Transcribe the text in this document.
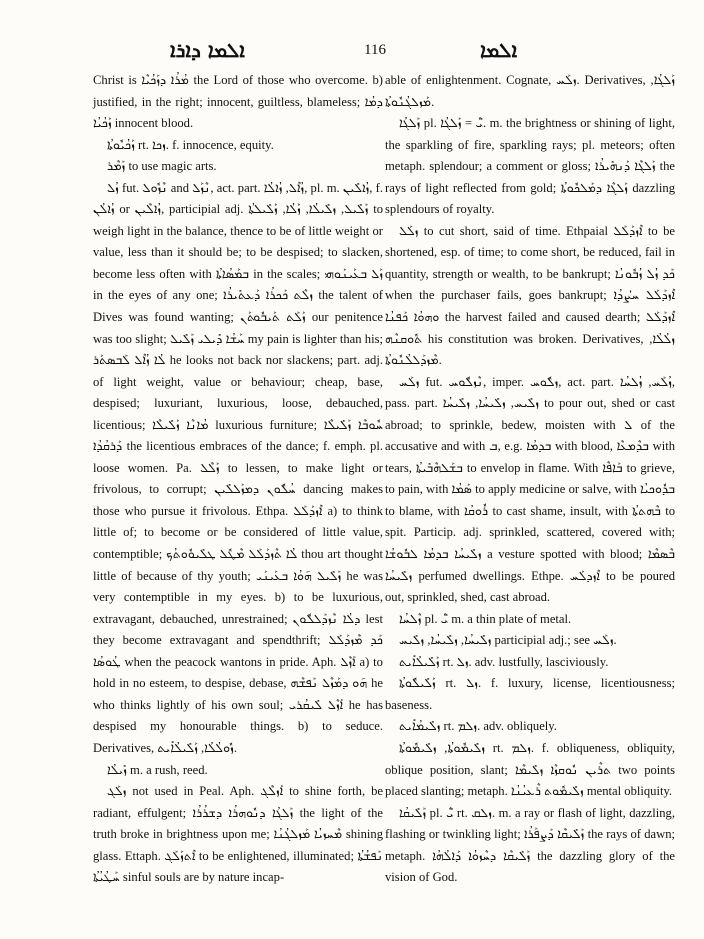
ܐܠܡܐ ܕܐܪܐ	116	ܐܠܡܐ

Christ is ܡܳܪܳܐ ܕܙܰܟܳܝܶܐ the Lord of those who overcome. b) justified, in the right; innocent, guiltless, blameless; ܕܡܳܐ ܙܰܟܳܝܳܐ innocent blood.

ܙܰܟܳܝܽܘܬܳܐ rt. ܙܟܐ. f. innocence, equity.

ܙܰܡܶܪ to use magic arts.

ܙܳܠ fut. ܢܶܙܽܘܠ and ܢܶܙܰܠ, act. part. ܙܳܐܶܠ, ܙܳܐܠܳܐ, pl. m. ܙܳܐܠܺܝܢ, f. ܙܳܐܠܳܢ or ܙܳܐܠܶܝܢ, participial adj. ܙܰܠܺܝܠ, ܙܠܺܝܠܳܐ, ܙܰܠܳܐ, ܙܰܠܺܝܠܬܳܐ to weigh light in the balance, thence to be of little weight or value, less than it should be; to be despised; to slacken, become less often with ܒܡܰܣܳܐܬܳܐ in the scales; ܙܰܠ ܒܥܰܝܢܰܘܗܝ in the eyes of any one; ܙܠܶܬ ܟܰܟܪܳܐ ܕܰܥܬܺܝܪܳܐ the talent of Dives was found wanting; ܙܰܠܰܬ ܬܰܝܒܽܘܬܰܢ our penitence was too slight; ܚܰܫܳܐ ܕܺܝܠܝ ܙܰܠܺܝܠ my pain is lighter than his; ܠܳܐ ܙܳܐܶܠ ܠܰܒܣܬܰܪ he looks not back nor slackens; part. adj. of light weight, value or behaviour; cheap, base, despised; luxuriant, luxurious, loose, debauched, licentious; ܡܳܐܢܶܐ ܙܰܠܺܝܠܶܐ luxurious furniture; ܚܽܘܒܶܐ ܙܰܠܺܝܠܶܐ ܕܰܪܩܳܕܳܐ the licentious embraces of the dance; f. emph. pl. loose women. Pa. ܙܰܠܶܠ to lessen, to make light or frivolous, to corrupt; ܚܳܠܽܘܢ ܕܡܙܰܠܠܺܝܢ dancing makes those who pursue it frivolous. Ethpa. ܐܶܙܕܰܠܰܠ a) to think little of; to become or be considered of little value, contemptible; ܠܳܐ ܬܶܙܕܰܠܰܠ ܡܶܛܽܠ ܛܠܺܝܘܽܘܬܳܟ thou art thought little of because of thy youth; ܙܰܠܺܝܠ ܗ݇ܘܳܐ ܒܥܰܝܢܰܝ he was very contemptible in my eyes. b) to be luxurious, extravagant, debauched, unrestrained; ܕܠܳܐ ܢܶܙܕܰܠܠܽܘܢ lest they become extravagant and spendthrift; ܟܰܕ ܡܶܙܕܰܠܰܠ ܛܳܘܣܳܐ when the peacock wantons in pride. Aph. ܐܰܙܶܠ a) to hold in no esteem, to despise, debase, ܗ݇ܘ ܕܡܰܙܶܠ ܢܰܦܫܶܗ he who thinks lightly of his own soul; ܐܰܙܶܠ ܠܺܝܩܳܪܝ he has despised my honourable things. b) to seduce. Derivatives, ܙܽܘܠܳܠܳܐ, ܙܰܠܺܝܠܳܐܺܝܬ.

ܙܺܝܠܳܐ m. a rush, reed.

ܙܠܰܓ not used in Peal. Aph. ܐܰܙܠܶܓ to shine forth, be radiant, effulgent; ܙܰܠܓܳܐ ܕܢܽܘܗܪܳܐ ܕܫܪܳܪܳܐ the light of the truth broke in brightness upon me; ܡܶܚܙܝܳܐ ܡܰܙܠܓܳܢܳܐ shining glass. Ettaph. ܐܶܬܙܰܠܰܓ to be enlightened, illuminated; ܢܰܦܫܳܬܳܐ ܚܰܛܳܝܳܬܳܐ sinful souls are by nature incap-

able of enlightenment. Cognate, ܙܠܰܚ. Derivatives, ܙܰܠܓܳܐ, ܡܰܙܠܓܳܢܽܘܬܳܐ.

ܙܰܠܓܳܐ pl. ܝ̈ܶ = ܙܰܠܓܳܐ. m. the brightness or shining of light, the sparkling of fire, sparkling rays; pl. meteors; often metaph. splendour; a comment or gloss; ܙܰܠܓܶܐ ܕܰܢܗܺܝܪܳܐ the rays of light reflected from gold; ܙܰܠܓܶܐ ܕܡܰܠܟܽܘܬܳܐ dazzling splendours of royalty.

ܙܠܰܠ to cut short, said of time. Ethpaial ܐܶܙܕܰܠܰܠ to be shortened, esp. of time; to come short, be reduced, fail in quantity, strength or wealth, to be bankrupt; ܟܰܕ ܙܳܠ ܙܳܒܽܘܢܳܐ when the purchaser fails, goes bankrupt; ܐܶܙܕܰܠܰܠ ܚܨܳܕܳܐ ܘܗܘܳܐ ܟܰܦܢܳܐ the harvest failed and caused dearth; ܐܶܙܕܰܠܰܠ ܬܽܘܩܢܶܗ his constitution was broken. Derivatives, ܙܠܳܠܳܐ, ܡܶܙܕܰܠܠܳܢܽܘܬܳܐ.

ܙܠܰܚ fut. ܢܶܙܠܽܘܚ, imper. ܙܠܽܘܚ, act. part. ܙܳܠܰܚ, ܙܳܠܚܳܐ, pass. part. ܙܠܺܝܚ, ܙܠܺܝܚܳܐ, ܙܠܺܝܚܳܐ to pour out, shed or cast abroad; to sprinkle, bedew, moisten with ܠ of the accusative and with ܒ, e.g. ܒܕܡܳܐ with blood, ܒܕܶܡܥܶܐ with tears, ܒܫܰܠܗܶܒܺܝܬܳܐ to envelop in flame. With ܒܰܐܦܶܐ to grieve, to pain, with ܣܰܡܳܐ to apply medicine or salve, with ܒܕܽܘܟܝܳܐ to blame, with ܪܽܘܩܳܐ to cast shame, insult, with ܒܶܗܬܬܳܐ to spit. Particip. adj. sprinkled, scattered, covered with; ܙܠܺܝܚܳܐ ܒܕܡܳܐ ܠܒܽܘܫܳܐ a vesture spotted with blood; ܒܶܣܡܶܐ ܙܠܺܝܚܳܐ perfumed dwellings. Ethpe. ܐܶܙܕܠܰܚ to be poured out, sprinkled, shed, cast abroad.

ܙܶܠܚܳܐ pl. ܝ̈ܶ m. a thin plate of metal.

ܙܠܺܝܚܳܐ, ܙܠܺܝܚܳܐ, ܙܠܺܝܚ participial adj.; see ܙܠܰܚ.

ܙܰܠܺܝܠܳܐܺܝܬ rt. ܙܠ. adv. lustfully, lasciviously.

ܙܰܠܺܝܠܽܘܬܳܐ rt. ܙܠ. f. luxury, license, licentiousness; baseness.

ܙܠܺܝܡܳܐܺܝܬ rt. ܙܠܡ. adv. obliquely.

ܙܠܺܝܡܽܘܬܳܐ, ܙܠܺܝܡܽܘܬܳܐ rt. ܙܠܡ. f. obliqueness, obliquity, oblique position, slant; ܬܪܶܝܢ ܢܽܘܩܙܶܐ ܙܠܺܝܡܶܐ two points placed slanting; metaph. ܙܠܺܝܡܽܘܬ ܪܶܥܝܳܢܳܐ mental obliquity.

ܙܰܠܺܝܩܳܐ pl. ܝ̈ܶ rt. ܙܠܩ. m. a ray or flash of light, dazzling, flashing or twinkling light; ܙܰܠܺܝܩܶܐ ܕܰܨܦܰܪܳܐ the rays of dawn; metaph. ܙܰܠܺܝܩܶܐ ܕܚܶܙܘܳܐ ܕܰܐܠܳܗܳܐ the dazzling glory of the vision of God.
